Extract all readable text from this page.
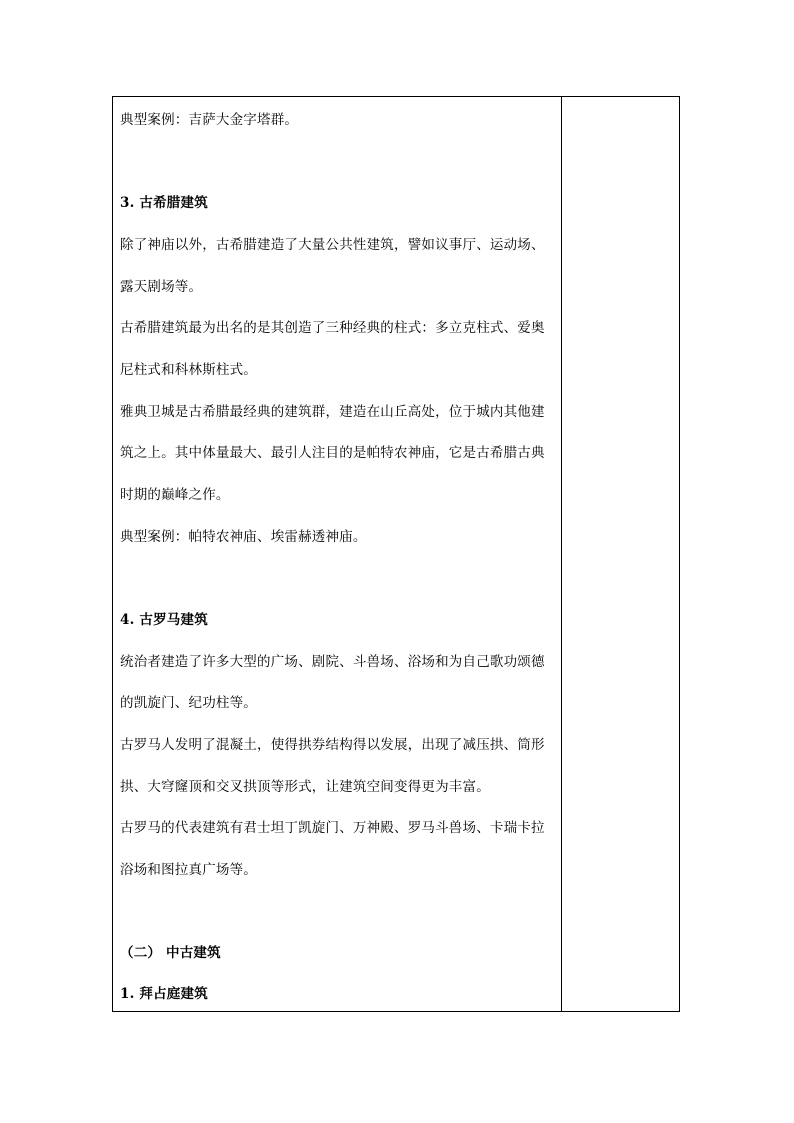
典型案例：吉萨大金字塔群。
3. 古希腊建筑
除了神庙以外，古希腊建造了大量公共性建筑，譬如议事厅、运动场、
露天剧场等。
古希腊建筑最为出名的是其创造了三种经典的柱式：多立克柱式、爱奥
尼柱式和科林斯柱式。
雅典卫城是古希腊最经典的建筑群，建造在山丘高处，位于城内其他建
筑之上。其中体量最大、最引人注目的是帕特农神庙，它是古希腊古典
时期的巅峰之作。
典型案例：帕特农神庙、埃雷赫透神庙。
4. 古罗马建筑
统治者建造了许多大型的广场、剧院、斗兽场、浴场和为自己歌功颂德
的凯旋门、纪功柱等。
古罗马人发明了混凝土，使得拱券结构得以发展，出现了减压拱、筒形
拱、大穹窿顶和交叉拱顶等形式，让建筑空间变得更为丰富。
古罗马的代表建筑有君士坦丁凯旋门、万神殿、罗马斗兽场、卡瑞卡拉
浴场和图拉真广场等。
（二） 中古建筑
1. 拜占庭建筑
